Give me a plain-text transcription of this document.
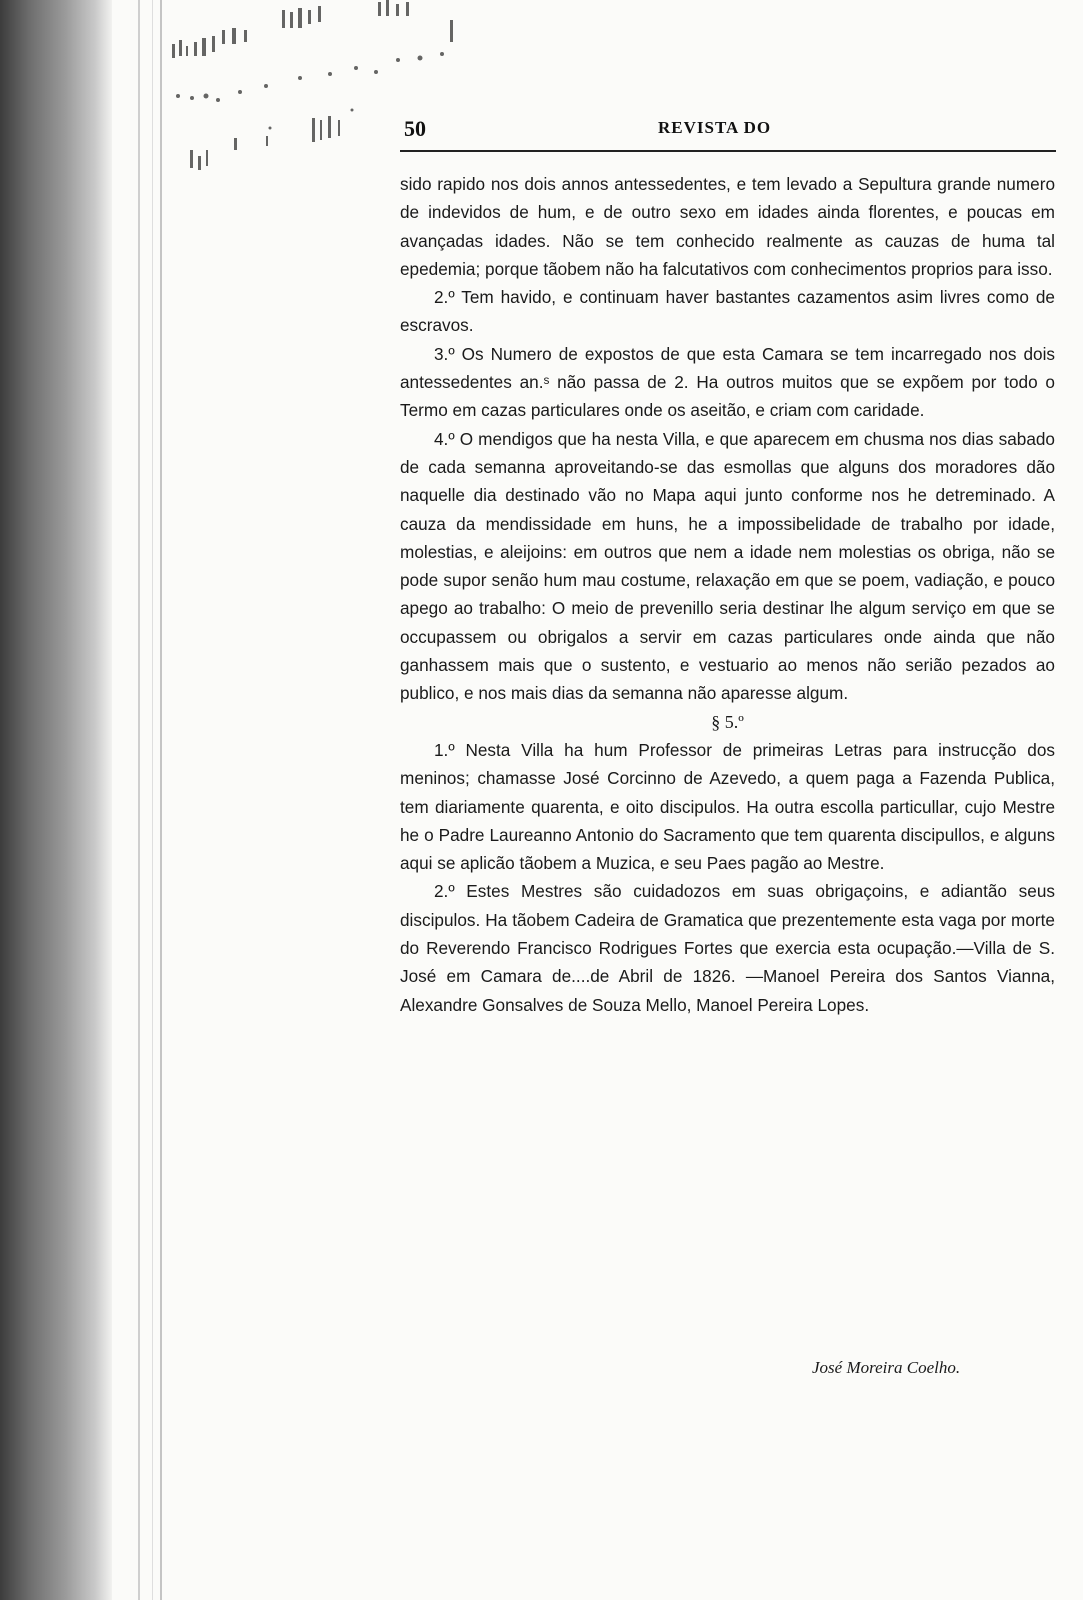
50	REVISTA DO

sido rapido nos dois annos antessedentes, e tem levado a Sepultura grande numero de indevidos de hum, e de outro sexo em idades ainda florentes, e poucas em avançadas idades. Não se tem conhecido realmente as cauzas de huma tal epedemia; porque tãobem não ha falcutativos com conhecimentos proprios para isso.

2.º Tem havido, e continuam haver bastantes cazamentos asim livres como de escravos.

3.º Os Numero de expostos de que esta Camara se tem incarregado nos dois antessedentes an.ˢ não passa de 2. Ha outros muitos que se expõem por todo o Termo em cazas particulares onde os aseitão, e criam com caridade.

4.º O mendigos que ha nesta Villa, e que aparecem em chusma nos dias sabado de cada semanna aproveitando-se das esmollas que alguns dos moradores dão naquelle dia destinado vão no Mapa aqui junto conforme nos he detreminado. A cauza da mendissidade em huns, he a impossibelidade de trabalho por idade, molestias, e aleijoins: em outros que nem a idade nem molestias os obriga, não se pode supor senão hum mau costume, relaxação em que se poem, vadiação, e pouco apego ao trabalho: O meio de prevenillo seria destinar lhe algum serviço em que se occupassem ou obrigalos a servir em cazas particulares onde ainda que não ganhassem mais que o sustento, e vestuario ao menos não serião pezados ao publico, e nos mais dias da semanna não aparesse algum.

§ 5.º

1.º Nesta Villa ha hum Professor de primeiras Letras para instrucção dos meninos; chamasse José Corcinno de Azevedo, a quem paga a Fazenda Publica, tem diariamente quarenta, e oito discipulos. Ha outra escolla particullar, cujo Mestre he o Padre Laureanno Antonio do Sacramento que tem quarenta discipullos, e alguns aqui se aplicão tãobem a Muzica, e seu Paes pagão ao Mestre.

2.º Estes Mestres são cuidadozos em suas obrigaçoins, e adiantão seus discipulos. Ha tãobem Cadeira de Gramatica que prezentemente esta vaga por morte do Reverendo Francisco Rodrigues Fortes que exercia esta ocupação.—Villa de S. José em Camara de....de Abril de 1826. —Manoel Pereira dos Santos Vianna, Alexandre Gonsalves de Souza Mello, Manoel Pereira Lopes.

José Moreira Coelho.
